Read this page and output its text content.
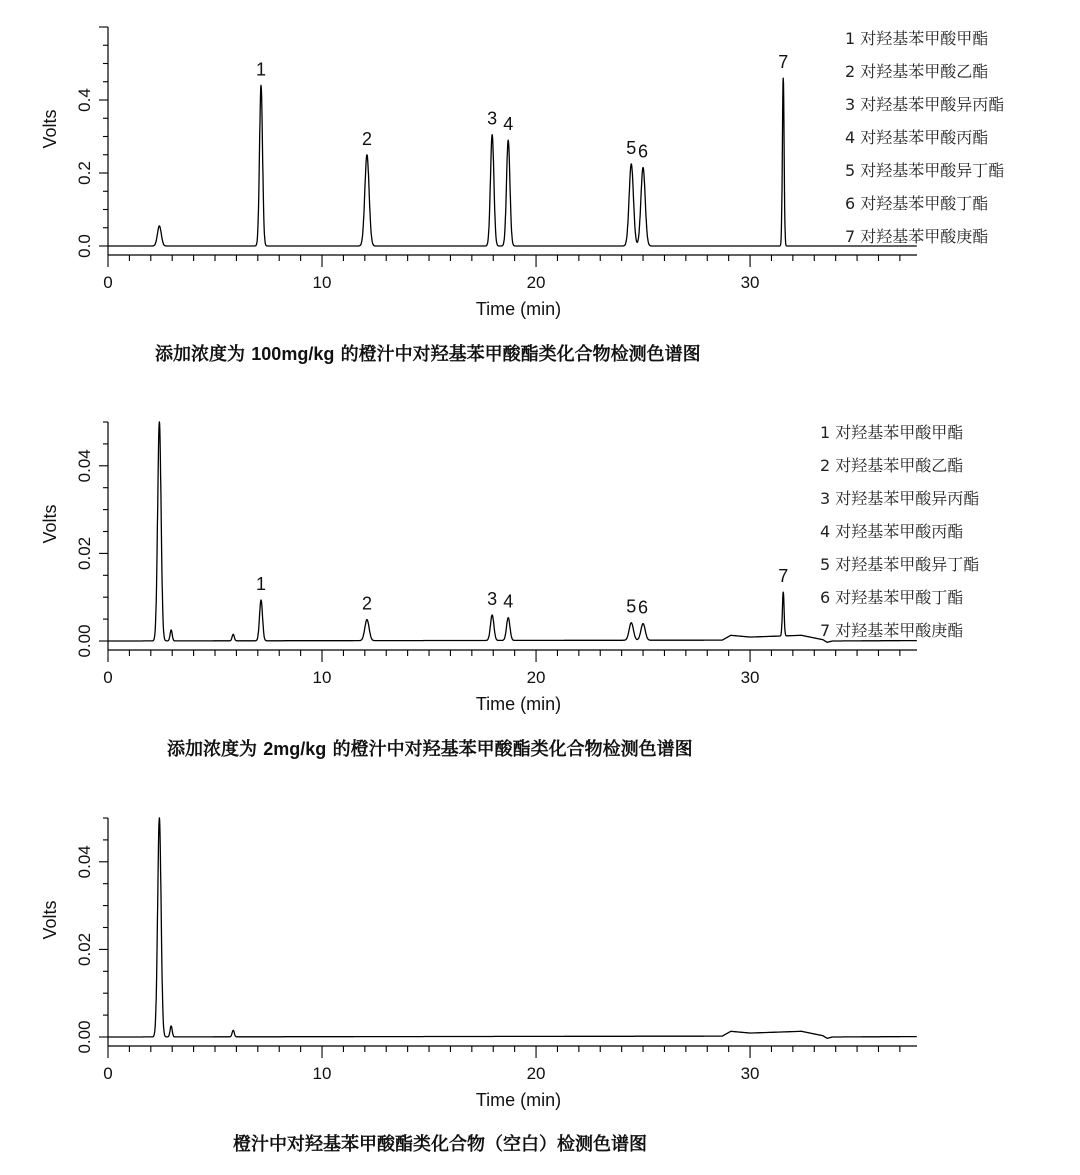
0.0
0.2
0.4
Volts
0	10	20	30
Time (min)
1
2
3 4
5 6
7
1 对羟基苯甲酸甲酯
2 对羟基苯甲酸乙酯
3 对羟基苯甲酸异丙酯
4 对羟基苯甲酸丙酯
5 对羟基苯甲酸异丁酯
6 对羟基苯甲酸丁酯
7 对羟基苯甲酸庚酯
添加浓度为 100mg/kg 的橙汁中对羟基苯甲酸酯类化合物检测色谱图
0.00
0.02
0.04
Volts
0	10	20	30
Time (min)
1
2	3 4	5 6
7
1 对羟基苯甲酸甲酯
2 对羟基苯甲酸乙酯
3 对羟基苯甲酸异丙酯
4 对羟基苯甲酸丙酯
5 对羟基苯甲酸异丁酯
6 对羟基苯甲酸丁酯
7 对羟基苯甲酸庚酯
添加浓度为 2mg/kg 的橙汁中对羟基苯甲酸酯类化合物检测色谱图
0.00
0.02
0.04
Volts
0	10	20	30
Time (min)
橙汁中对羟基苯甲酸酯类化合物（空白）检测色谱图
